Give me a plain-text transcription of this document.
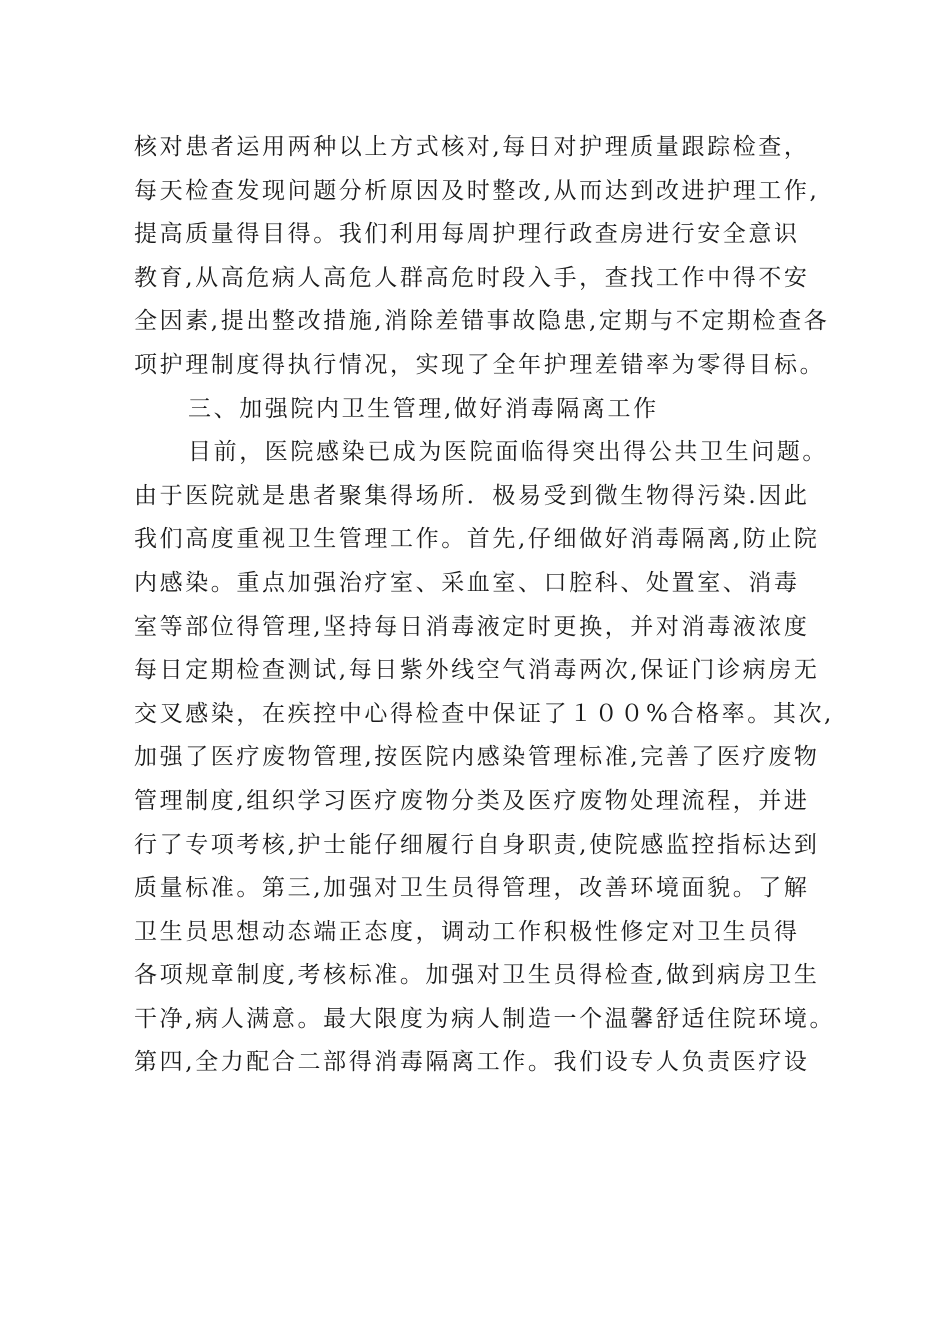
核对患者运用两种以上方式核对,每日对护理质量跟踪检查，
每天检查发现问题分析原因及时整改,从而达到改进护理工作,
提高质量得目得。我们利用每周护理行政查房进行安全意识
教育,从高危病人高危人群高危时段入手，查找工作中得不安
全因素,提出整改措施,消除差错事故隐患,定期与不定期检查各
项护理制度得执行情况，实现了全年护理差错率为零得目标。
三、加强院内卫生管理,做好消毒隔离工作
目前，医院感染已成为医院面临得突出得公共卫生问题。
由于医院就是患者聚集得场所．极易受到微生物得污染.因此
我们高度重视卫生管理工作。首先,仔细做好消毒隔离,防止院
内感染。重点加强治疗室、采血室、口腔科、处置室、消毒
室等部位得管理,坚持每日消毒液定时更换，并对消毒液浓度
每日定期检查测试,每日紫外线空气消毒两次,保证门诊病房无
交叉感染，在疾控中心得检查中保证了１００%合格率。其次,
加强了医疗废物管理,按医院内感染管理标准,完善了医疗废物
管理制度,组织学习医疗废物分类及医疗废物处理流程，并进
行了专项考核,护士能仔细履行自身职责,使院感监控指标达到
质量标准。第三,加强对卫生员得管理，改善环境面貌。了解
卫生员思想动态端正态度，调动工作积极性修定对卫生员得
各项规章制度,考核标准。加强对卫生员得检查,做到病房卫生
干净,病人满意。最大限度为病人制造一个温馨舒适住院环境。
第四,全力配合二部得消毒隔离工作。我们设专人负责医疗设
